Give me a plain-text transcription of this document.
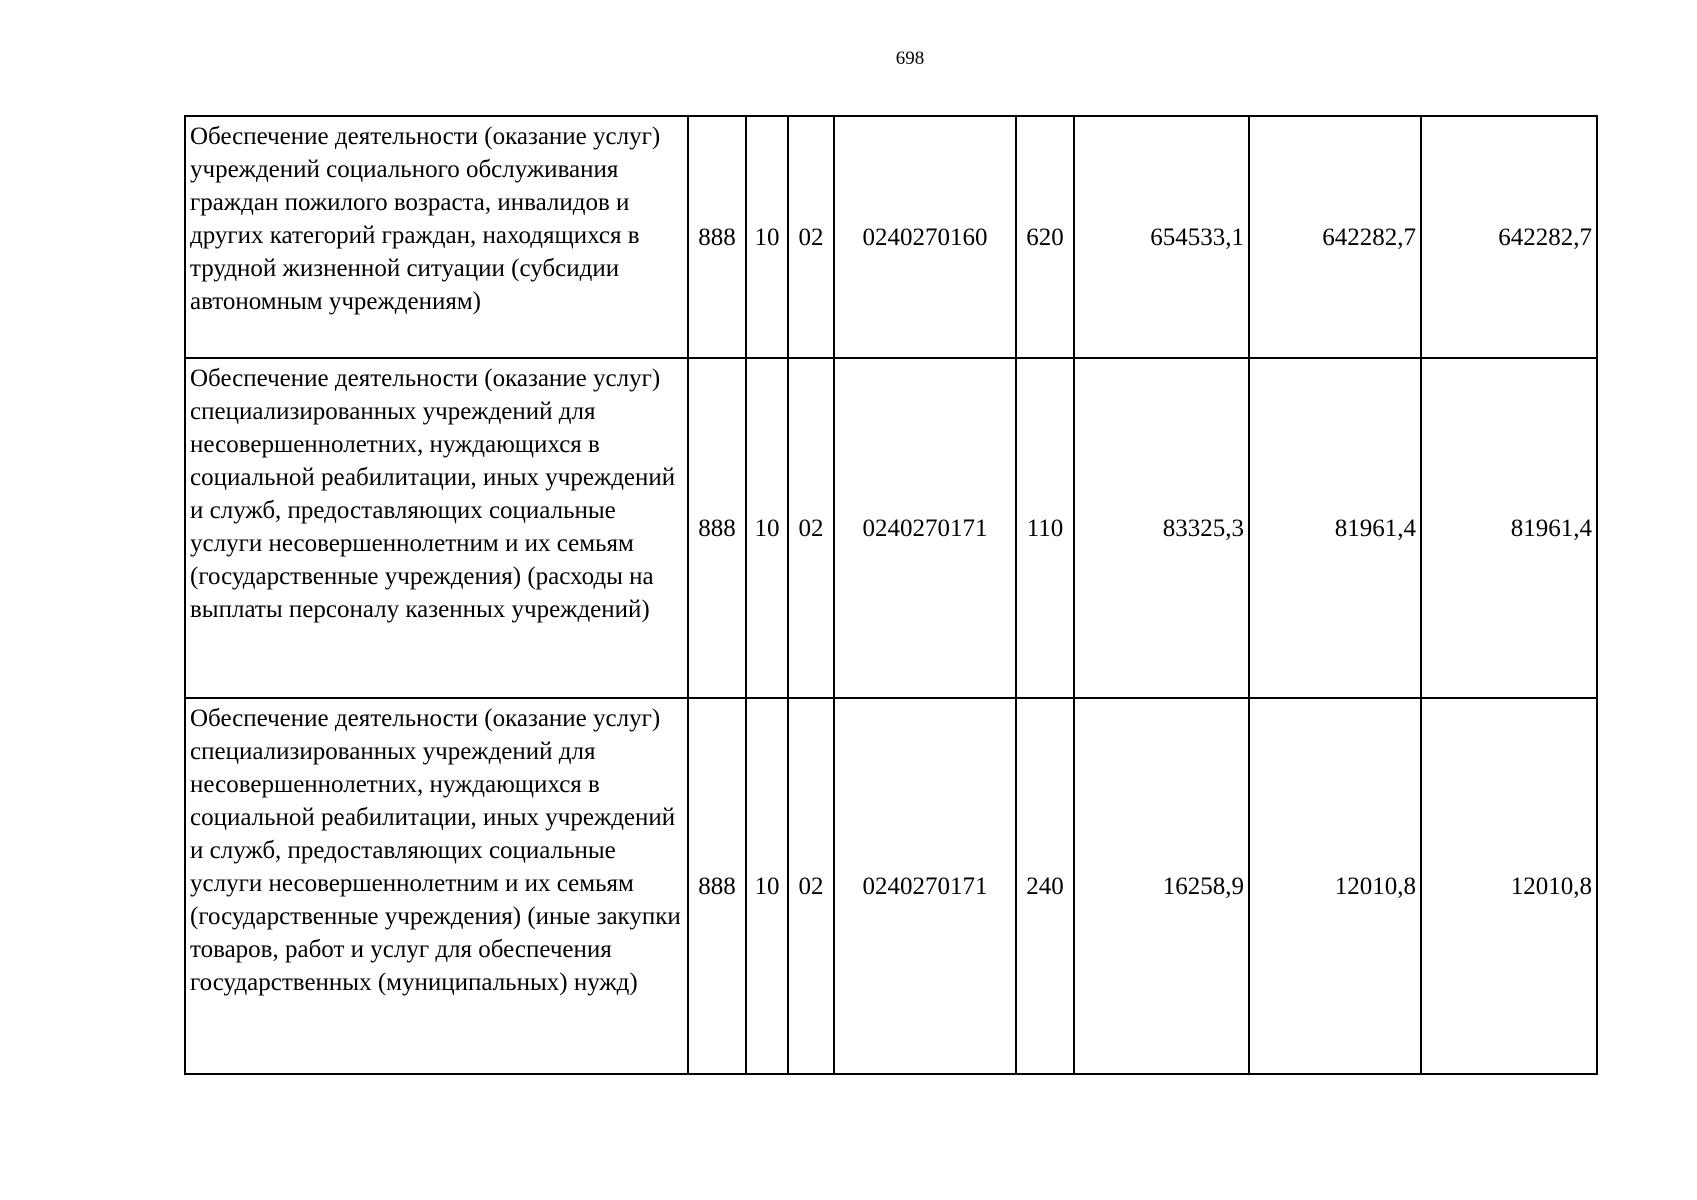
698
Обеспечение деятельности (оказание услуг) учреждений социального обслуживания граждан пожилого возраста, инвалидов и других категорий граждан, находящихся в трудной жизненной ситуации (субсидии автономным учреждениям)	888	10	02	0240270160	620	654533,1	642282,7	642282,7
Обеспечение деятельности (оказание услуг) специализированных учреждений для несовершеннолетних, нуждающихся в социальной реабилитации, иных учреждений и служб, предоставляющих социальные услуги несовершеннолетним и их семьям (государственные учреждения) (расходы на выплаты персоналу казенных учреждений)	888	10	02	0240270171	110	83325,3	81961,4	81961,4
Обеспечение деятельности (оказание услуг) специализированных учреждений для несовершеннолетних, нуждающихся в социальной реабилитации, иных учреждений и служб, предоставляющих социальные услуги несовершеннолетним и их семьям (государственные учреждения) (иные закупки товаров, работ и услуг для обеспечения государственных (муниципальных) нужд)	888	10	02	0240270171	240	16258,9	12010,8	12010,8
